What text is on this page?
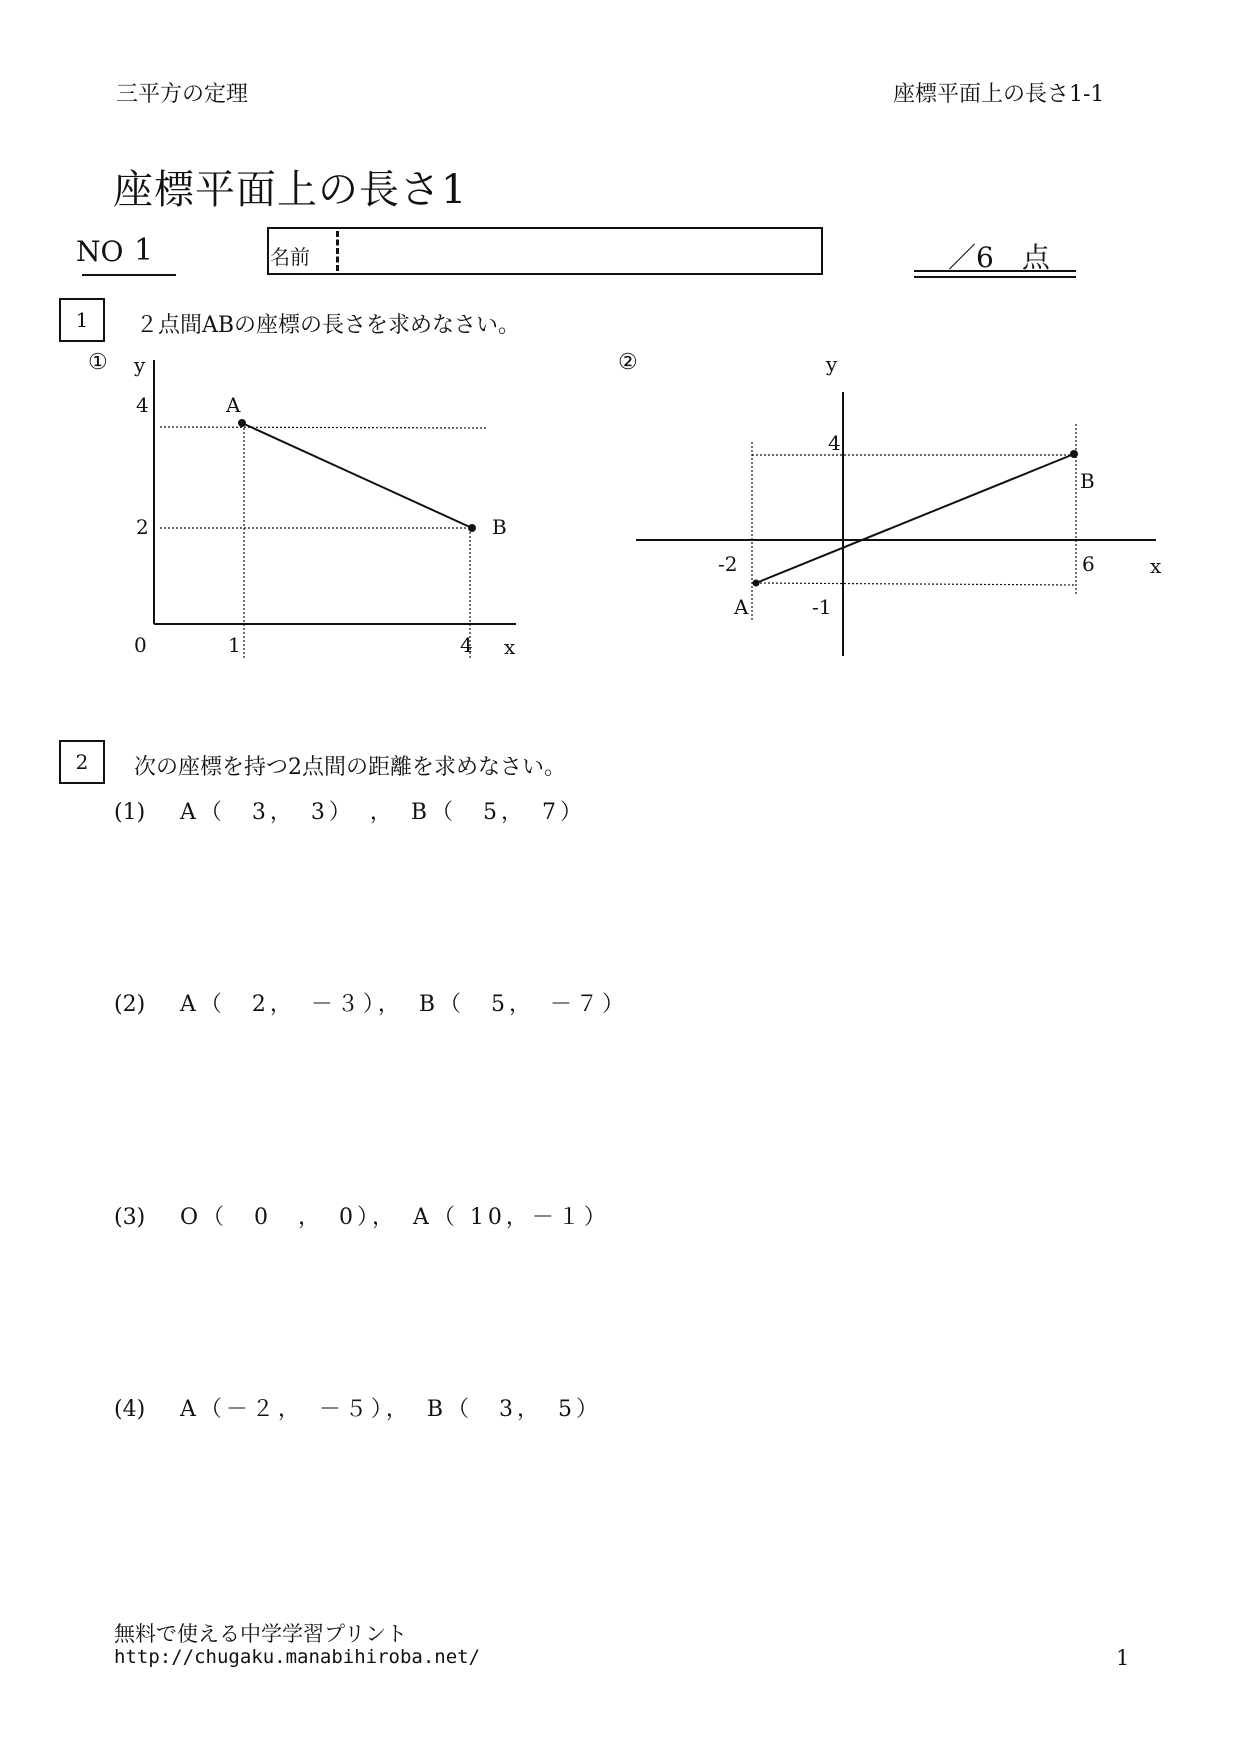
三平方の定理	座標平面上の長さ1-1
座標平面上の長さ1
NO 1	名前	／6　点
1	２点間ABの座標の長さを求めなさい。
①	②
y
4
2
0	1	4 x
A
B
y
4
-1
-2	6	x
A
B
2	次の座標を持つ2点間の距離を求めなさい。
(1) A（　3，　3）　，　B（　5，　7）
(2) A（　2，　－３），　B（　5，　－７）
(3) O（　0　，　0），　A（ 10，－１）
(4) A（－２，　－５），　B（　3，　5）
無料で使える中学学習プリント
http://chugaku.manabihiroba.net/	1
